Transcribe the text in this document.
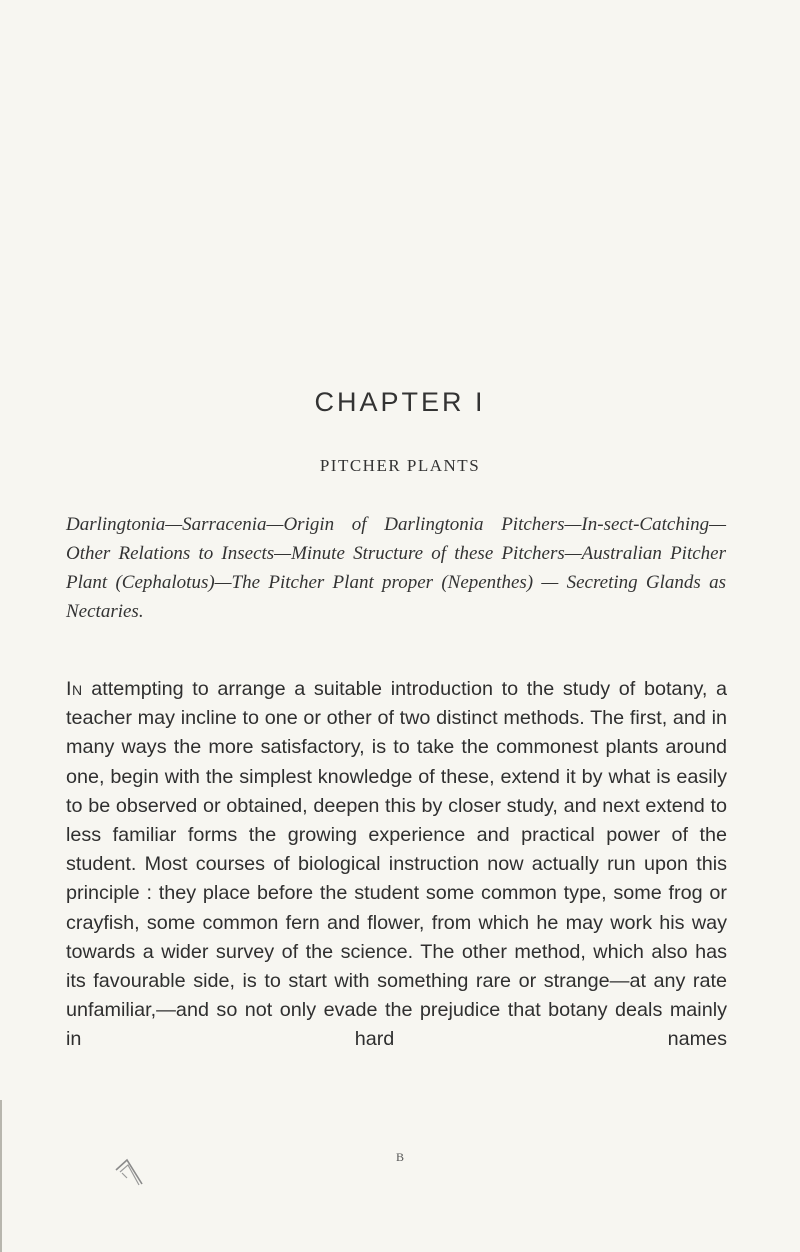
CHAPTER I
PITCHER PLANTS

Darlingtonia—Sarracenia—Origin of Darlingtonia Pitchers—In-sect-Catching—Other Relations to Insects—Minute Structure of these Pitchers—Australian Pitcher Plant (Cephalotus)—The Pitcher Plant proper (Nepenthes) — Secreting Glands as Nectaries.

In attempting to arrange a suitable introduction to the study of botany, a teacher may incline to one or other of two distinct methods. The first, and in many ways the more satisfactory, is to take the commonest plants around one, begin with the simplest knowledge of these, extend it by what is easily to be observed or obtained, deepen this by closer study, and next extend to less familiar forms the growing experience and practical power of the student. Most courses of biological instruction now actually run upon this principle : they place before the student some common type, some frog or crayfish, some common fern and flower, from which he may work his way towards a wider survey of the science. The other method, which also has its favourable side, is to start with something rare or strange—at any rate unfamiliar,—and so not only evade the prejudice that botany deals mainly in hard names

B
